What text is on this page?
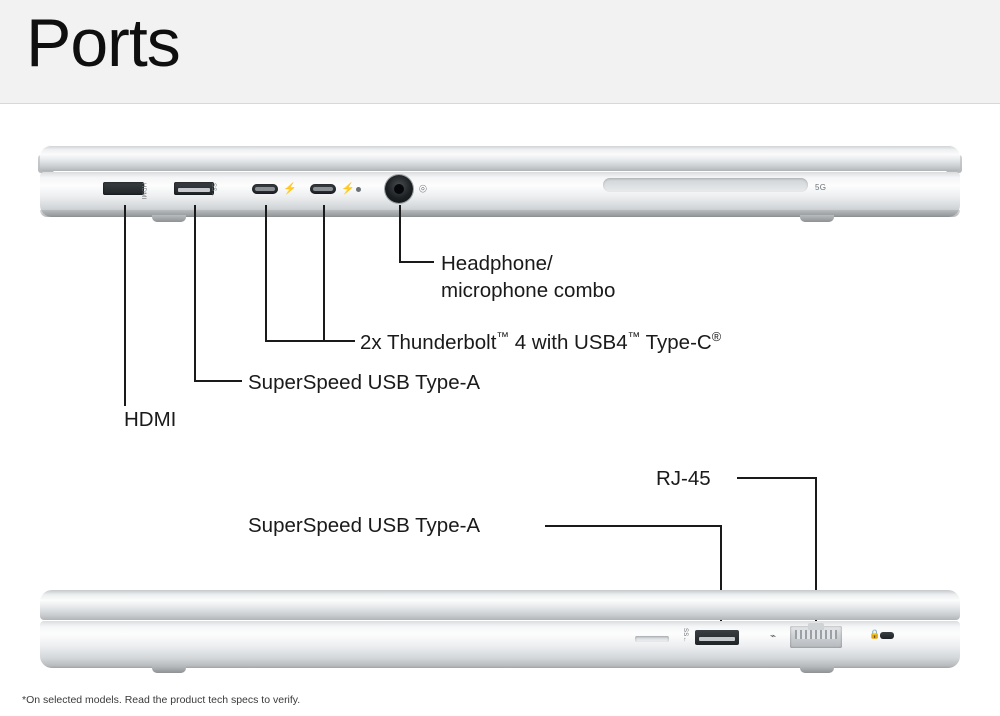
Ports
HDMI	SS←	⚡	⚡	⌾	5G
Headphone/
microphone combo
2x Thunderbolt™ 4 with USB4™ Type-C®
SuperSpeed USB Type-A
HDMI
RJ-45
SuperSpeed USB Type-A
SS←	⌁	🔒
*On selected models. Read the product tech specs to verify.
